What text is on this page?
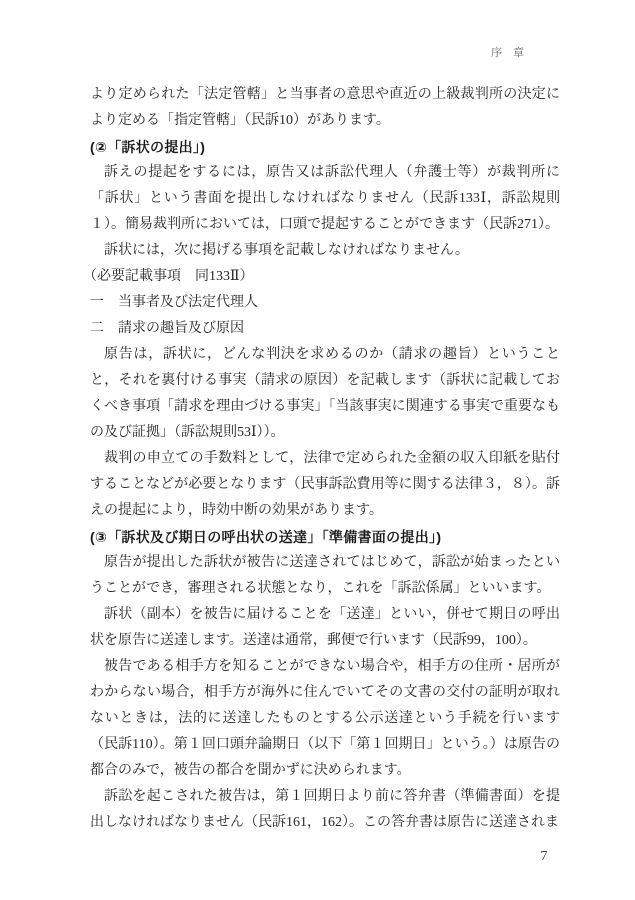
序　章

より定められた「法定管轄」と当事者の意思や直近の上級裁判所の決定により定める「指定管轄」（民訴10）があります。

(②「訴状の提出」)

訴えの提起をするには，原告又は訴訟代理人（弁護士等）が裁判所に「訴状」という書面を提出しなければなりません（民訴133Ⅰ，訴訟規則１）。簡易裁判所においては，口頭で提起することができます（民訴271）。

訴状には，次に掲げる事項を記載しなければなりません。

（必要記載事項　同133Ⅱ）

一　当事者及び法定代理人

二　請求の趣旨及び原因

原告は，訴状に，どんな判決を求めるのか（請求の趣旨）ということと，それを裏付ける事実（請求の原因）を記載します（訴状に記載しておくべき事項「請求を理由づける事実」「当該事実に関連する事実で重要なもの及び証拠」（訴訟規則53Ⅰ））。

裁判の申立ての手数料として，法律で定められた金額の収入印紙を貼付することなどが必要となります（民事訴訟費用等に関する法律３，８）。訴えの提起により，時効中断の効果があります。

(③「訴状及び期日の呼出状の送達」「準備書面の提出」)

原告が提出した訴状が被告に送達されてはじめて，訴訟が始まったということができ，審理される状態となり，これを「訴訟係属」といいます。

訴状（副本）を被告に届けることを「送達」といい，併せて期日の呼出状を原告に送達します。送達は通常，郵便で行います（民訴99，100）。

被告である相手方を知ることができない場合や，相手方の住所・居所がわからない場合，相手方が海外に住んでいてその文書の交付の証明が取れないときは，法的に送達したものとする公示送達という手続を行います（民訴110）。第１回口頭弁論期日（以下「第１回期日」という。）は原告の都合のみで，被告の都合を聞かずに決められます。

訴訟を起こされた被告は，第１回期日より前に答弁書（準備書面）を提出しなければなりません（民訴161，162）。この答弁書は原告に送達されま

7
